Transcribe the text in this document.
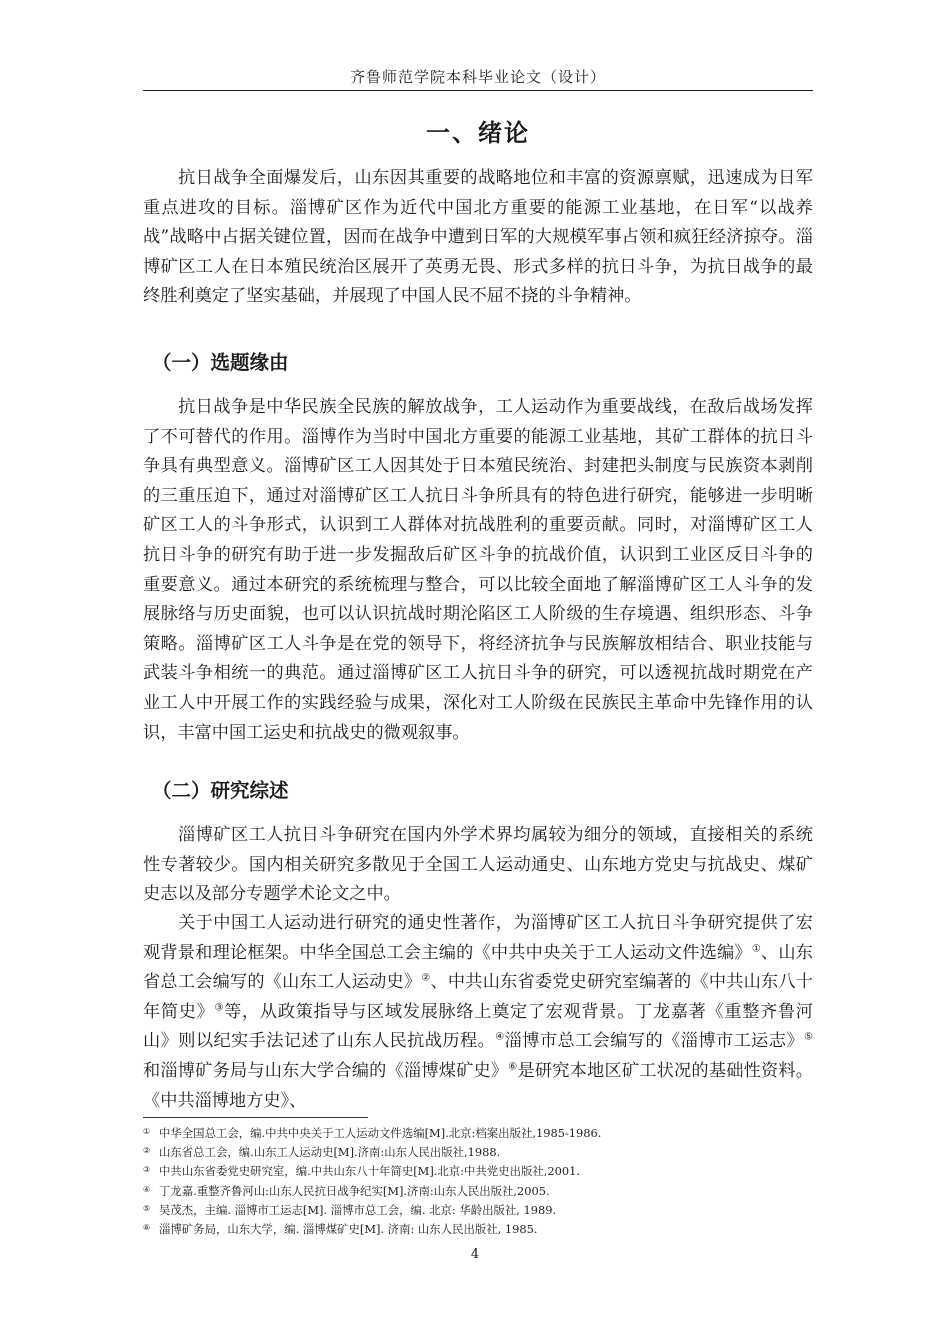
齐鲁师范学院本科毕业论文（设计）
一、绪论

抗日战争全面爆发后，山东因其重要的战略地位和丰富的资源禀赋，迅速成为日军重点进攻的目标。淄博矿区作为近代中国北方重要的能源工业基地，在日军“以战养战”战略中占据关键位置，因而在战争中遭到日军的大规模军事占领和疯狂经济掠夺。淄博矿区工人在日本殖民统治区展开了英勇无畏、形式多样的抗日斗争，为抗日战争的最终胜利奠定了坚实基础，并展现了中国人民不屈不挠的斗争精神。

（一）选题缘由

抗日战争是中华民族全民族的解放战争，工人运动作为重要战线，在敌后战场发挥了不可替代的作用。淄博作为当时中国北方重要的能源工业基地，其矿工群体的抗日斗争具有典型意义。淄博矿区工人因其处于日本殖民统治、封建把头制度与民族资本剥削的三重压迫下，通过对淄博矿区工人抗日斗争所具有的特色进行研究，能够进一步明晰矿区工人的斗争形式，认识到工人群体对抗战胜利的重要贡献。同时，对淄博矿区工人抗日斗争的研究有助于进一步发掘敌后矿区斗争的抗战价值，认识到工业区反日斗争的重要意义。通过本研究的系统梳理与整合，可以比较全面地了解淄博矿区工人斗争的发展脉络与历史面貌，也可以认识抗战时期沦陷区工人阶级的生存境遇、组织形态、斗争策略。淄博矿区工人斗争是在党的领导下，将经济抗争与民族解放相结合、职业技能与武装斗争相统一的典范。通过淄博矿区工人抗日斗争的研究，可以透视抗战时期党在产业工人中开展工作的实践经验与成果，深化对工人阶级在民族民主革命中先锋作用的认识，丰富中国工运史和抗战史的微观叙事。

（二）研究综述

淄博矿区工人抗日斗争研究在国内外学术界均属较为细分的领域，直接相关的系统性专著较少。国内相关研究多散见于全国工人运动通史、山东地方党史与抗战史、煤矿史志以及部分专题学术论文之中。

关于中国工人运动进行研究的通史性著作，为淄博矿区工人抗日斗争研究提供了宏观背景和理论框架。中华全国总工会主编的《中共中央关于工人运动文件选编》①、山东省总工会编写的《山东工人运动史》②、中共山东省委党史研究室编著的《中共山东八十年简史》③等，从政策指导与区域发展脉络上奠定了宏观背景。丁龙嘉著《重整齐鲁河山》则以纪实手法记述了山东人民抗战历程。④淄博市总工会编写的《淄博市工运志》⑤和淄博矿务局与山东大学合编的《淄博煤矿史》⑥是研究本地区矿工状况的基础性资料。《中共淄博地方史》、

① 中华全国总工会，编.中共中央关于工人运动文件选编[M].北京:档案出版社,1985-1986.
② 山东省总工会，编.山东工人运动史[M].济南:山东人民出版社,1988.
③ 中共山东省委党史研究室，编.中共山东八十年简史[M].北京:中共党史出版社,2001.
④ 丁龙嘉.重整齐鲁河山:山东人民抗日战争纪实[M].济南:山东人民出版社,2005.
⑤ 吴茂杰，主编. 淄博市工运志[M]. 淄博市总工会，编. 北京: 华龄出版社, 1989.
⑥ 淄博矿务局，山东大学，编. 淄博煤矿史[M]. 济南: 山东人民出版社, 1985.
4
